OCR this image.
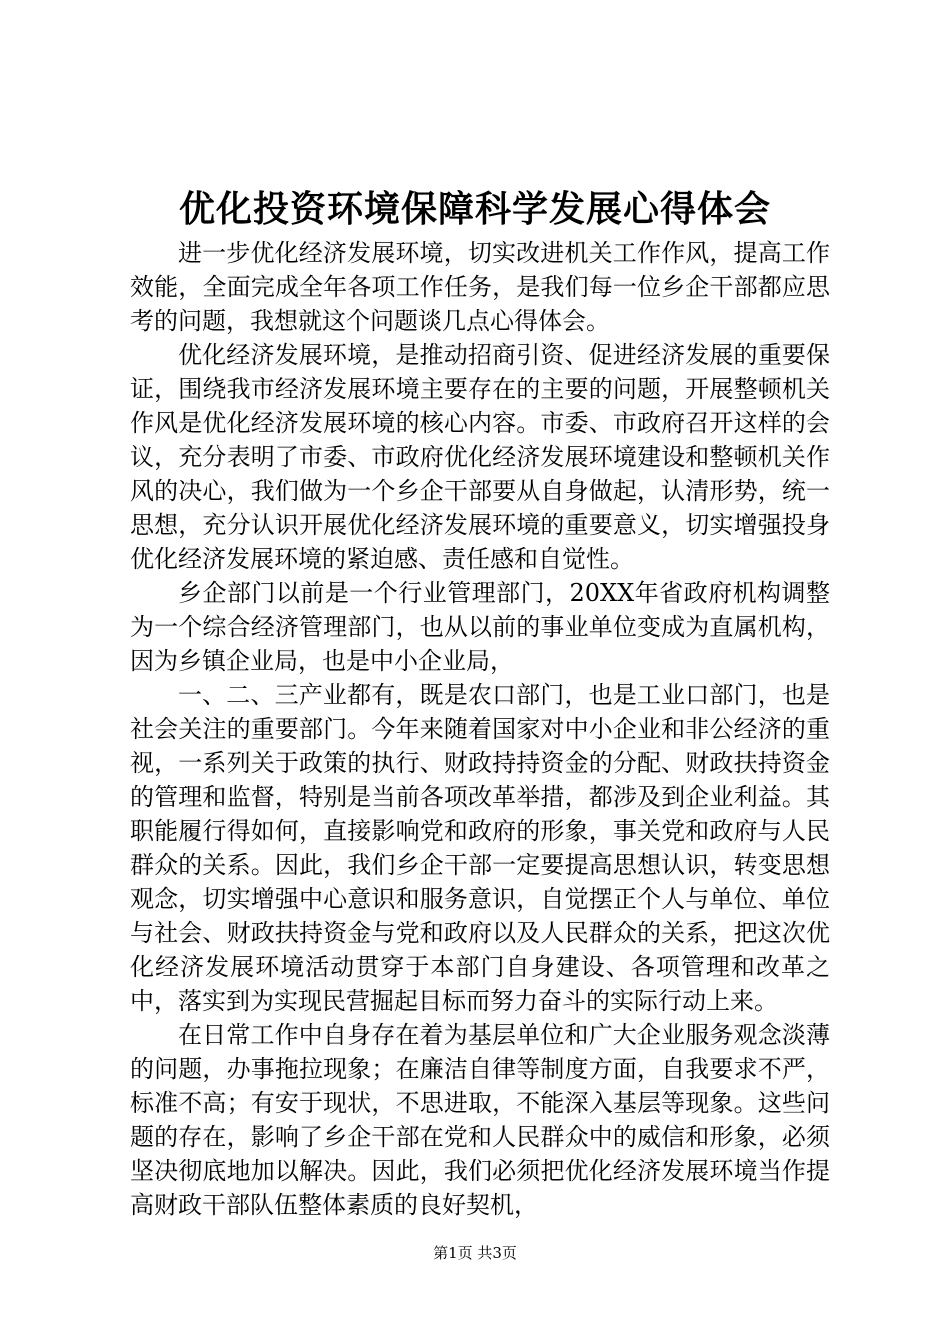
优化投资环境保障科学发展心得体会

进一步优化经济发展环境，切实改进机关工作作风，提高工作效能，全面完成全年各项工作任务，是我们每一位乡企干部都应思考的问题，我想就这个问题谈几点心得体会。

优化经济发展环境，是推动招商引资、促进经济发展的重要保证，围绕我市经济发展环境主要存在的主要的问题，开展整顿机关作风是优化经济发展环境的核心内容。市委、市政府召开这样的会议，充分表明了市委、市政府优化经济发展环境建设和整顿机关作风的决心，我们做为一个乡企干部要从自身做起，认清形势，统一思想，充分认识开展优化经济发展环境的重要意义，切实增强投身优化经济发展环境的紧迫感、责任感和自觉性。

乡企部门以前是一个行业管理部门，20XX年省政府机构调整为一个综合经济管理部门，也从以前的事业单位变成为直属机构，因为乡镇企业局，也是中小企业局，

一、二、三产业都有，既是农口部门，也是工业口部门，也是社会关注的重要部门。今年来随着国家对中小企业和非公经济的重视，一系列关于政策的执行、财政持持资金的分配、财政扶持资金的管理和监督，特别是当前各项改革举措，都涉及到企业利益。其职能履行得如何，直接影响党和政府的形象，事关党和政府与人民群众的关系。因此，我们乡企干部一定要提高思想认识，转变思想观念，切实增强中心意识和服务意识，自觉摆正个人与单位、单位与社会、财政扶持资金与党和政府以及人民群众的关系，把这次优化经济发展环境活动贯穿于本部门自身建设、各项管理和改革之中，落实到为实现民营掘起目标而努力奋斗的实际行动上来。

在日常工作中自身存在着为基层单位和广大企业服务观念淡薄的问题，办事拖拉现象；在廉洁自律等制度方面，自我要求不严，标准不高；有安于现状，不思进取，不能深入基层等现象。这些问题的存在，影响了乡企干部在党和人民群众中的威信和形象，必须坚决彻底地加以解决。因此，我们必须把优化经济发展环境当作提高财政干部队伍整体素质的良好契机，

第1页 共3页
